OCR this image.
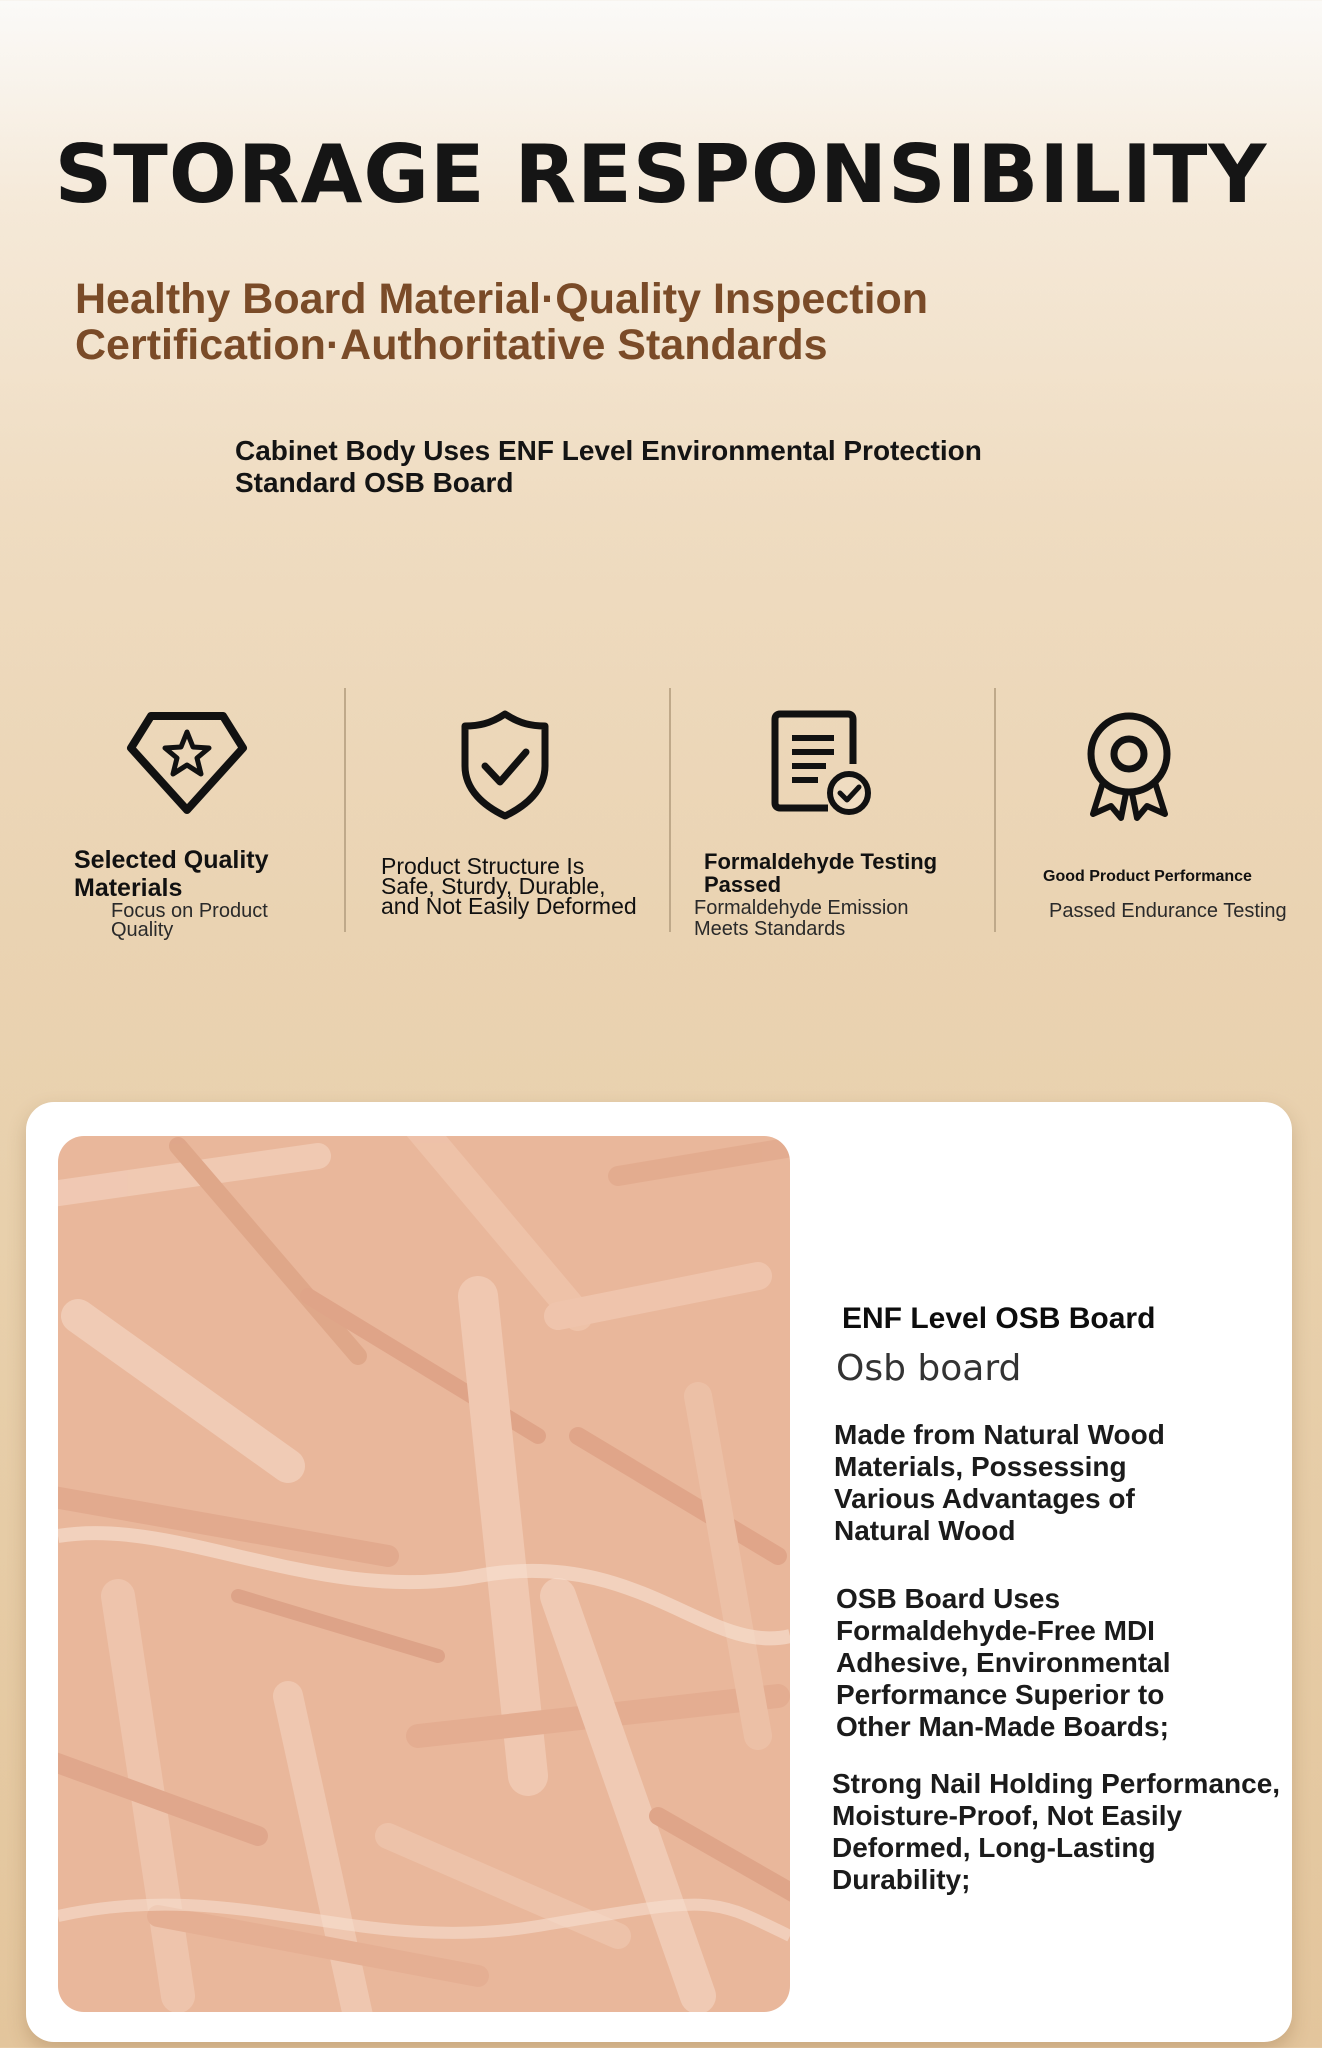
STORAGE RESPONSIBILITY
Healthy Board Material·Quality Inspection
Certification·Authoritative Standards

Cabinet Body Uses ENF Level Environmental Protection
Standard OSB Board

Selected Quality Materials

Focus on Product Quality

Product Structure Is Safe, Sturdy, Durable, and Not Easily Deformed

Formaldehyde Testing Passed

Formaldehyde Emission Meets Standards

Good Product Performance

Passed Endurance Testing

ENF Level OSB Board

Osb board

Made from Natural Wood Materials, Possessing Various Advantages of Natural Wood

OSB Board Uses Formaldehyde-Free MDI Adhesive, Environmental Performance Superior to Other Man-Made Boards;

Strong Nail Holding Performance, Moisture-Proof, Not Easily Deformed, Long-Lasting Durability;
